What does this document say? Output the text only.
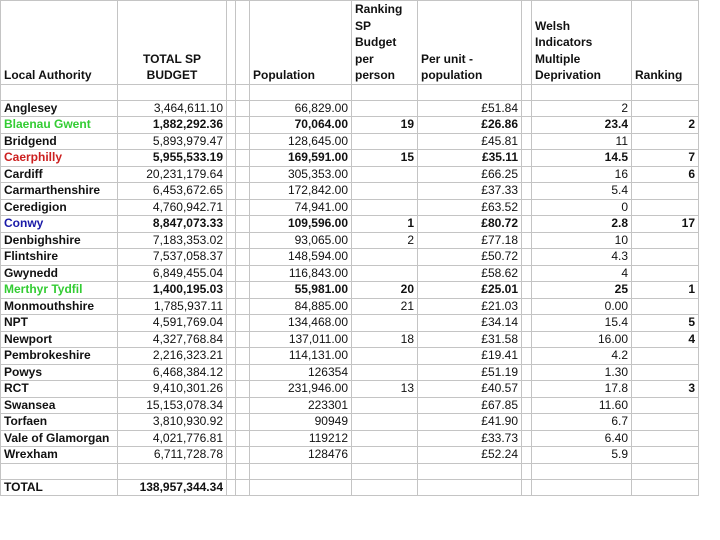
Local Authority	TOTAL SP BUDGET			Population	Ranking SP Budget per person	Per unit - population		Welsh Indicators Multiple Deprivation	Ranking

Anglesey	3,464,611.10			66,829.00		£51.84		2	
Blaenau Gwent	1,882,292.36			70,064.00	19	£26.86		23.4	2
Bridgend	5,893,979.47			128,645.00		£45.81		11	
Caerphilly	5,955,533.19			169,591.00	15	£35.11		14.5	7
Cardiff	20,231,179.64			305,353.00		£66.25		16	6
Carmarthenshire	6,453,672.65			172,842.00		£37.33		5.4	
Ceredigion	4,760,942.71			74,941.00		£63.52		0	
Conwy	8,847,073.33			109,596.00	1	£80.72		2.8	17
Denbighshire	7,183,353.02			93,065.00	2	£77.18		10	
Flintshire	7,537,058.37			148,594.00		£50.72		4.3	
Gwynedd	6,849,455.04			116,843.00		£58.62		4	
Merthyr Tydfil	1,400,195.03			55,981.00	20	£25.01		25	1
Monmouthshire	1,785,937.11			84,885.00	21	£21.03		0.00	
NPT	4,591,769.04			134,468.00		£34.14		15.4	5
Newport	4,327,768.84			137,011.00	18	£31.58		16.00	4
Pembrokeshire	2,216,323.21			114,131.00		£19.41		4.2	
Powys	6,468,384.12			126354		£51.19		1.30	
RCT	9,410,301.26			231,946.00	13	£40.57		17.8	3
Swansea	15,153,078.34			223301		£67.85		11.60	
Torfaen	3,810,930.92			90949		£41.90		6.7	
Vale of Glamorgan	4,021,776.81			119212		£33.73		6.40	
Wrexham	6,711,728.78			128476		£52.24		5.9	

TOTAL	138,957,344.34								
